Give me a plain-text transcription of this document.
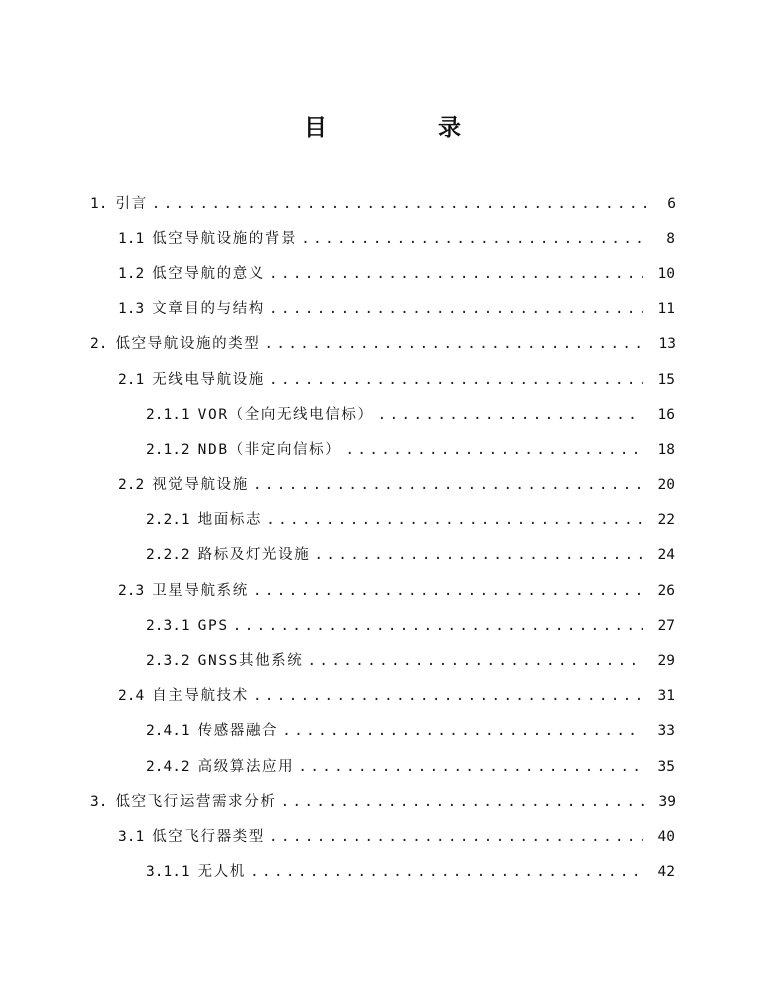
目　录
1. 引言 .....	6
1.1 低空导航设施的背景 .....	8
1.2 低空导航的意义 .....	10
1.3 文章目的与结构 .....	11
2. 低空导航设施的类型 .....	13
2.1 无线电导航设施 .....	15
2.1.1 VOR（全向无线电信标） .....	16
2.1.2 NDB（非定向信标） .....	18
2.2 视觉导航设施 .....	20
2.2.1 地面标志 .....	22
2.2.2 路标及灯光设施 .....	24
2.3 卫星导航系统 .....	26
2.3.1 GPS .....	27
2.3.2 GNSS其他系统 .....	29
2.4 自主导航技术 .....	31
2.4.1 传感器融合 .....	33
2.4.2 高级算法应用 .....	35
3. 低空飞行运营需求分析 .....	39
3.1 低空飞行器类型 .....	40
3.1.1 无人机 .....	42
